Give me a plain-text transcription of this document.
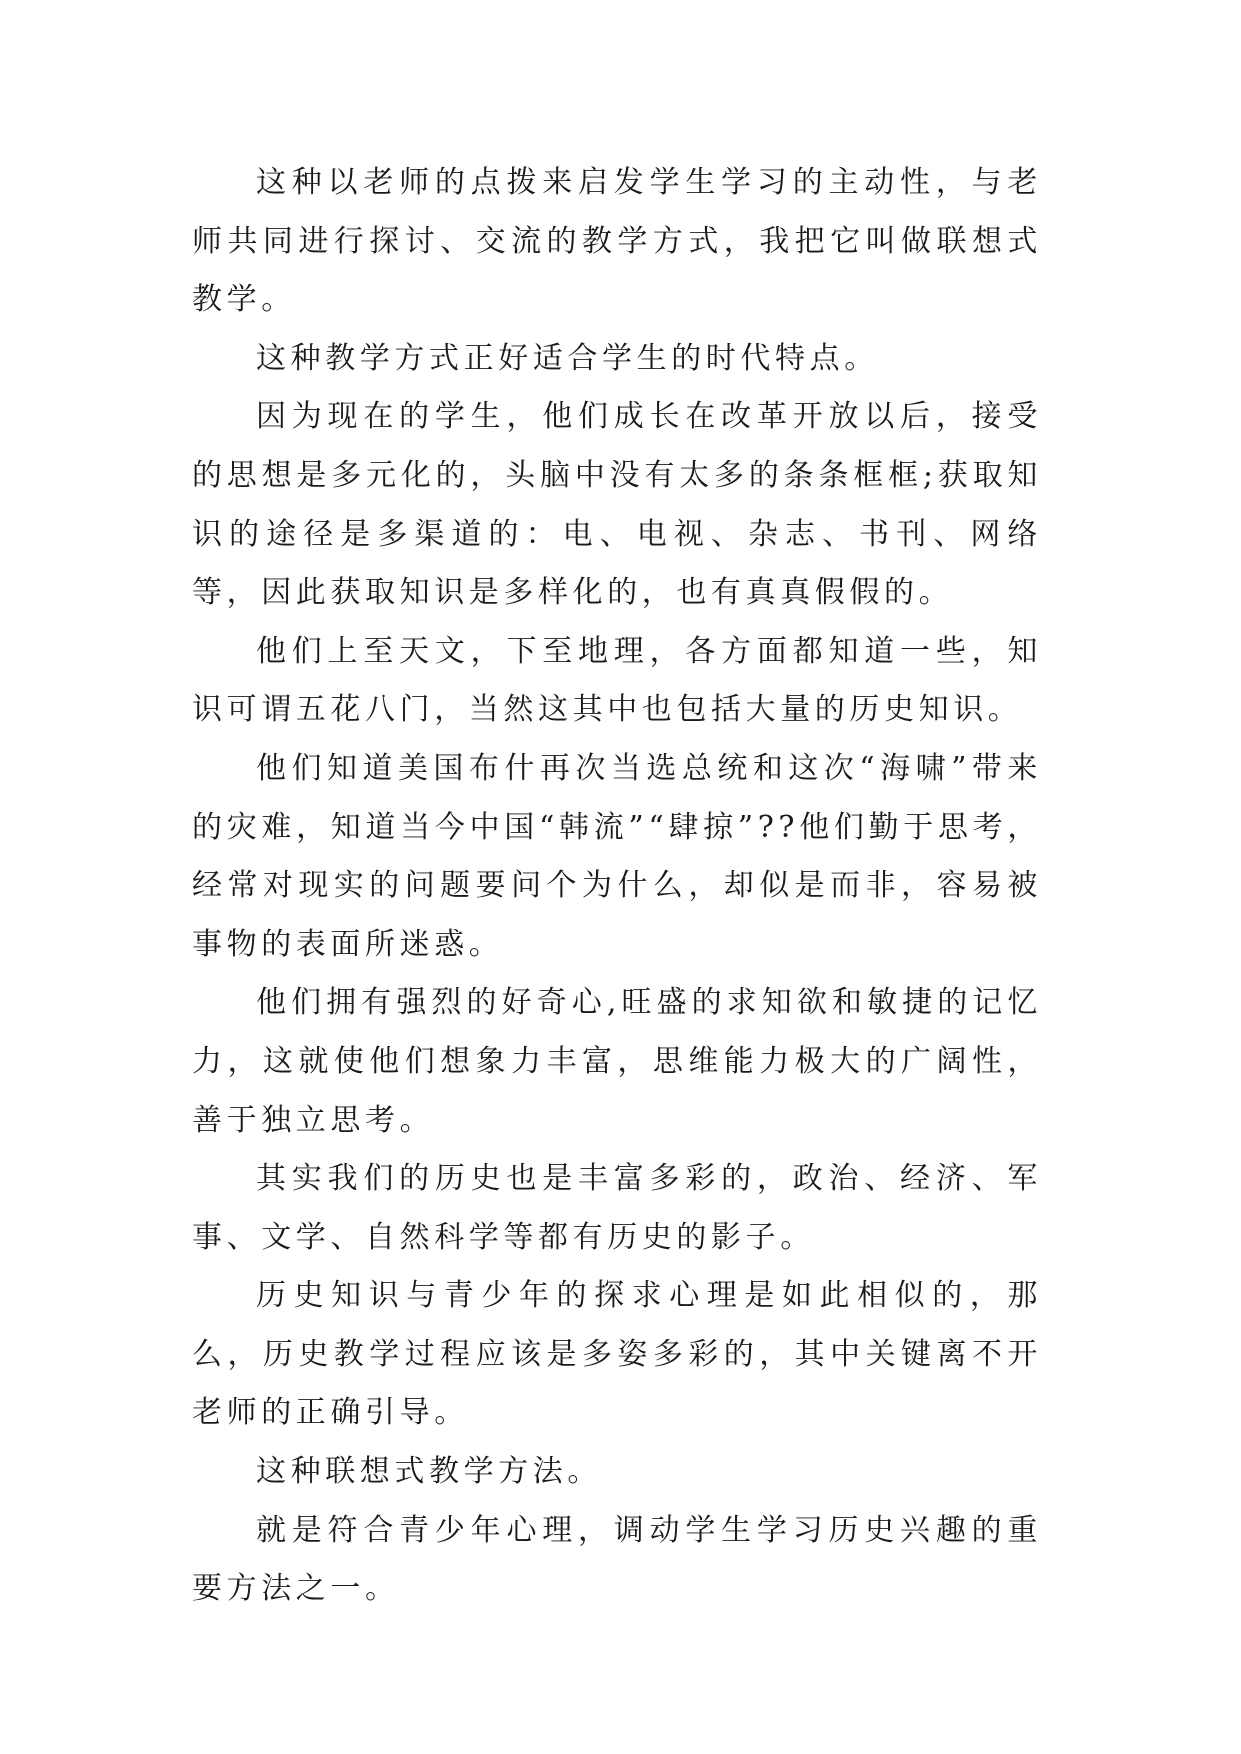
这种以老师的点拨来启发学生学习的主动性，与老师共同进行探讨、交流的教学方式，我把它叫做联想式教学。

这种教学方式正好适合学生的时代特点。

因为现在的学生，他们成长在改革开放以后，接受的思想是多元化的，头脑中没有太多的条条框框;获取知识的途径是多渠道的：电、电视、杂志、书刊、网络等，因此获取知识是多样化的，也有真真假假的。

他们上至天文，下至地理，各方面都知道一些，知识可谓五花八门，当然这其中也包括大量的历史知识。

他们知道美国布什再次当选总统和这次“海啸”带来的灾难，知道当今中国“韩流”“肆掠”??他们勤于思考，经常对现实的问题要问个为什么，却似是而非，容易被事物的表面所迷惑。

他们拥有强烈的好奇心,旺盛的求知欲和敏捷的记忆力，这就使他们想象力丰富，思维能力极大的广阔性，善于独立思考。

其实我们的历史也是丰富多彩的，政治、经济、军事、文学、自然科学等都有历史的影子。

历史知识与青少年的探求心理是如此相似的，那么，历史教学过程应该是多姿多彩的，其中关键离不开老师的正确引导。

这种联想式教学方法。

就是符合青少年心理，调动学生学习历史兴趣的重要方法之一。
